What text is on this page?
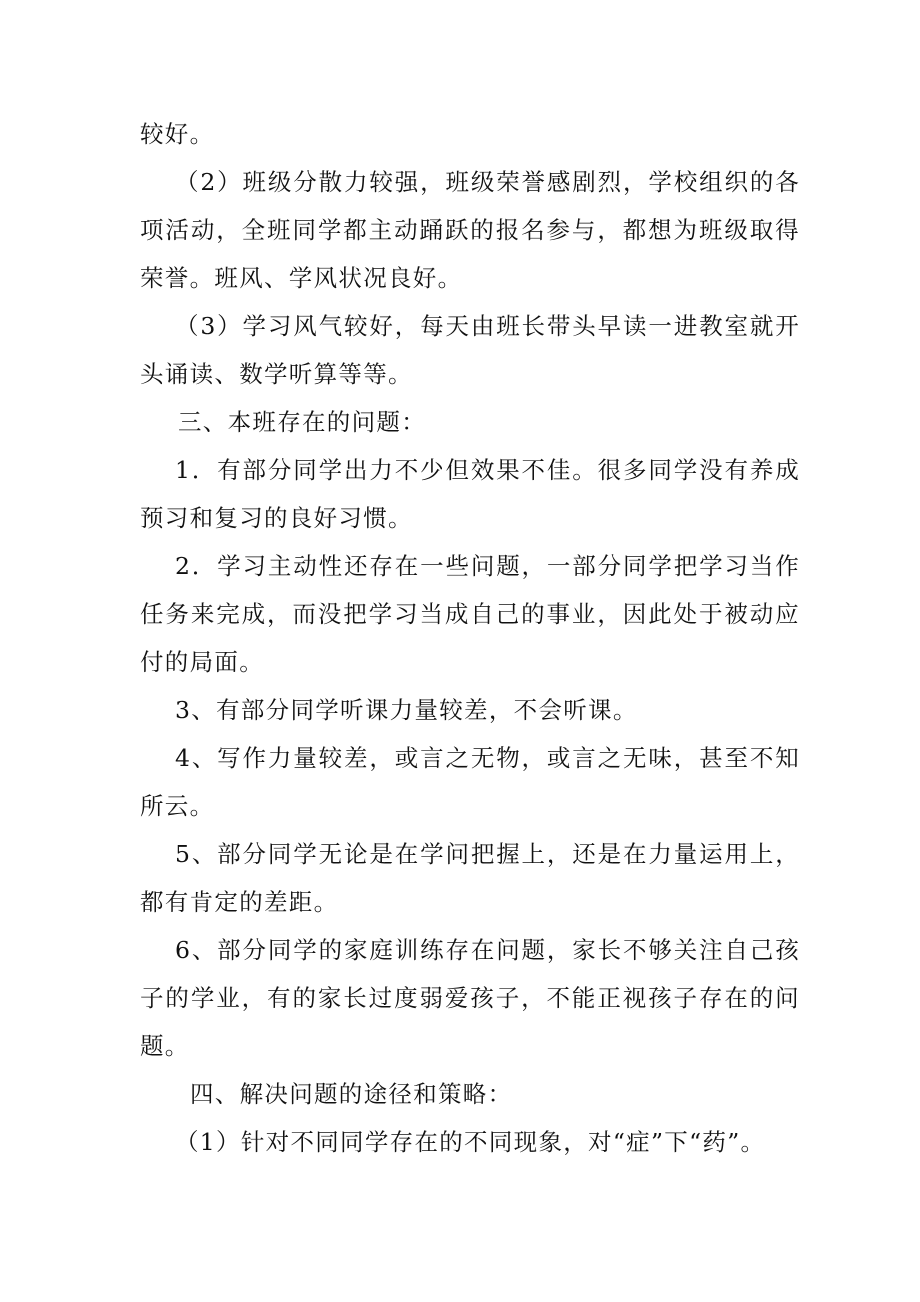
较好。

（2）班级分散力较强，班级荣誉感剧烈，学校组织的各项活动，全班同学都主动踊跃的报名参与，都想为班级取得荣誉。班风、学风状况良好。

（3）学习风气较好，每天由班长带头早读一进教室就开头诵读、数学听算等等。

三、本班存在的问题：

1．有部分同学出力不少但效果不佳。很多同学没有养成预习和复习的良好习惯。

2．学习主动性还存在一些问题，一部分同学把学习当作任务来完成，而没把学习当成自己的事业，因此处于被动应付的局面。

3、有部分同学听课力量较差，不会听课。

4、写作力量较差，或言之无物，或言之无味，甚至不知所云。

5、部分同学无论是在学问把握上，还是在力量运用上，都有肯定的差距。

6、部分同学的家庭训练存在问题，家长不够关注自己孩子的学业，有的家长过度弱爱孩子，不能正视孩子存在的问题。

四、解决问题的途径和策略：

（1）针对不同同学存在的不同现象，对“症”下“药”。
